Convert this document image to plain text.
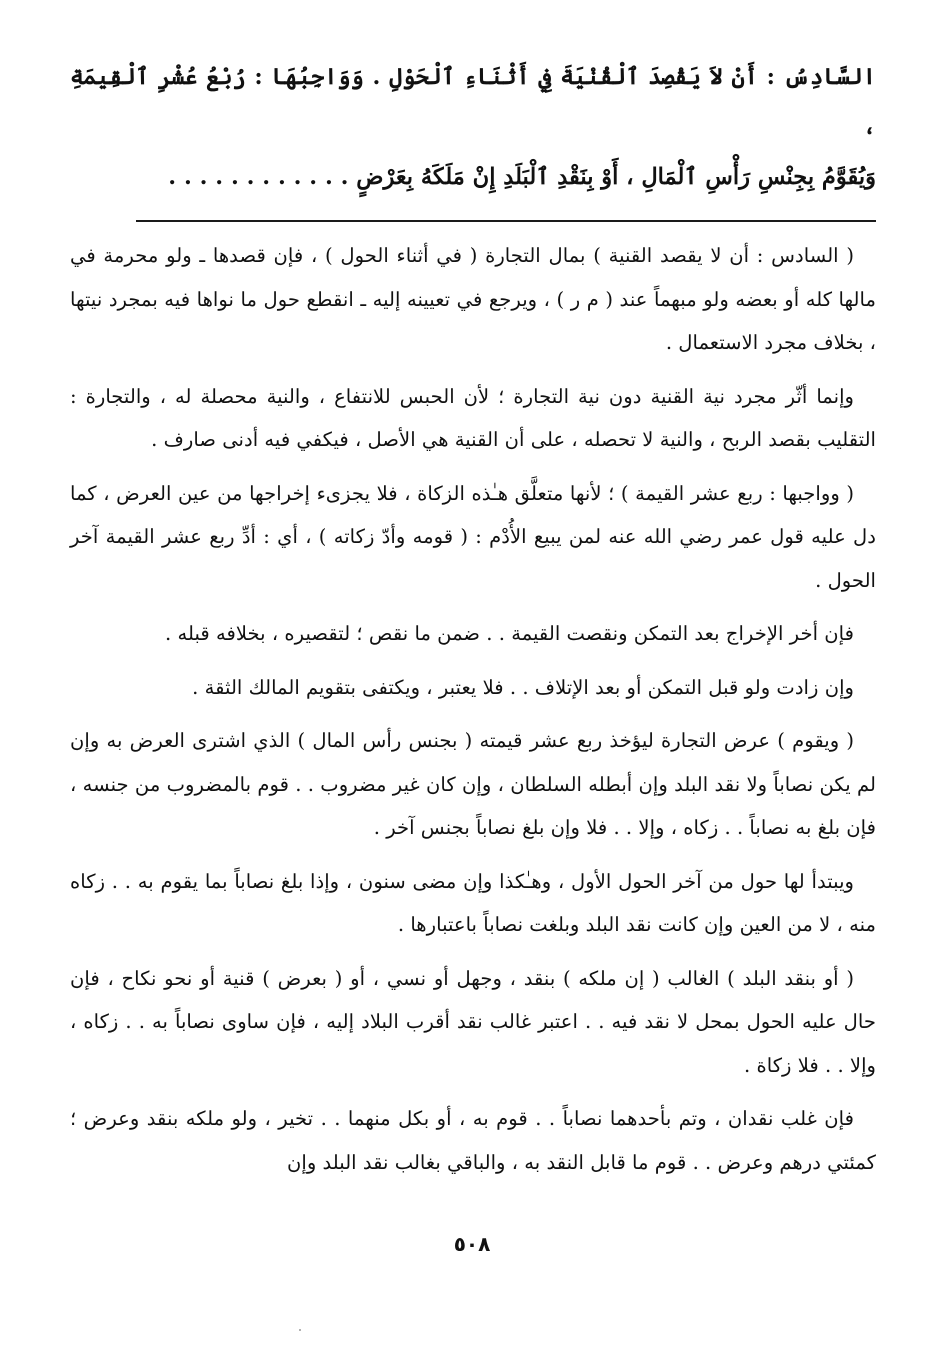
السَّادِسُ : أَنْ لاَ يَقْصِدَ ٱلْقُنْيَةَ فِي أَثْنَاءِ ٱلْحَوْلِ . وَوَاجِبُهَا : رُبْعُ عُشْرِ ٱلْقِيمَةِ ،

وَيُقَوَّمُ بِجِنْسِ رَأْسِ ٱلْمَالِ ، أَوْ بِنَقْدِ ٱلْبَلَدِ إِنْ مَلَكَهُ بِعَرْضٍ . . . . . . . . . . . .

( السادس : أن لا يقصد القنية ) بمال التجارة ( في أثناء الحول ) ، فإن قصدها ـ ولو محرمة في مالها كله أو بعضه ولو مبهماً عند ( م ر ) ، ويرجع في تعيينه إليه ـ انقطع حول ما نواها فيه بمجرد نيتها ، بخلاف مجرد الاستعمال .

وإنما أثّر مجرد نية القنية دون نية التجارة ؛ لأن الحبس للانتفاع ، والنية محصلة له ، والتجارة : التقليب بقصد الربح ، والنية لا تحصله ، على أن القنية هي الأصل ، فيكفي فيه أدنى صارف .

( وواجبها : ربع عشر القيمة ) ؛ لأنها متعلَّق هـٰذه الزكاة ، فلا يجزىء إخراجها من عين العرض ، كما دل عليه قول عمر رضي الله عنه لمن يبيع الأُدْم : ( قومه وأدّ زكاته ) ، أي : أدِّ ربع عشر القيمة آخر الحول .

فإن أخر الإخراج بعد التمكن ونقصت القيمة . . ضمن ما نقص ؛ لتقصيره ، بخلافه قبله .

وإن زادت ولو قبل التمكن أو بعد الإتلاف . . فلا يعتبر ، ويكتفى بتقويم المالك الثقة .

( ويقوم ) عرض التجارة ليؤخذ ربع عشر قيمته ( بجنس رأس المال ) الذي اشترى العرض به وإن لم يكن نصاباً ولا نقد البلد وإن أبطله السلطان ، وإن كان غير مضروب . . قوم بالمضروب من جنسه ، فإن بلغ به نصاباً . . زكاه ، وإلا . . فلا وإن بلغ نصاباً بجنس آخر .

ويبتدأ لها حول من آخر الحول الأول ، وهـٰكذا وإن مضى سنون ، وإذا بلغ نصاباً بما يقوم به . . زكاه منه ، لا من العين وإن كانت نقد البلد وبلغت نصاباً باعتبارها .

( أو بنقد البلد ) الغالب ( إن ملكه ) بنقد ، وجهل أو نسي ، أو ( بعرض ) قنية أو نحو نكاح ، فإن حال عليه الحول بمحل لا نقد فيه . . اعتبر غالب نقد أقرب البلاد إليه ، فإن ساوى نصاباً به . . زكاه ، وإلا . . فلا زكاة .

فإن غلب نقدان ، وتم بأحدهما نصاباً . . قوم به ، أو بكل منهما . . تخير ، ولو ملكه بنقد وعرض ؛ كمئتي درهم وعرض . . قوم ما قابل النقد به ، والباقي بغالب نقد البلد وإن

٥٠٨
